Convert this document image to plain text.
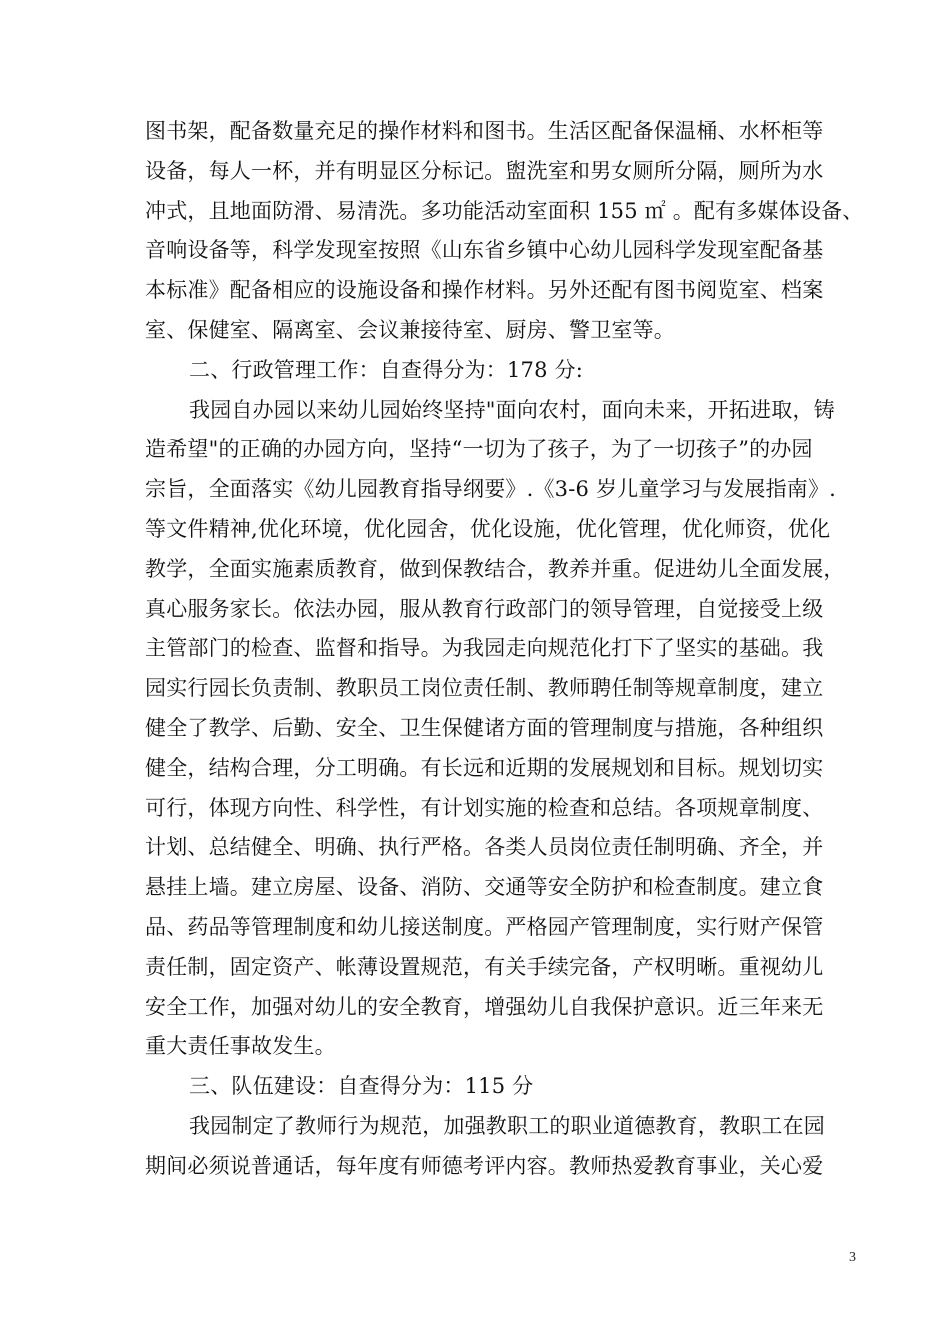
图书架，配备数量充足的操作材料和图书。生活区配备保温桶、水杯柜等
设备，每人一杯，并有明显区分标记。盥洗室和男女厕所分隔，厕所为水
冲式，且地面防滑、易清洗。多功能活动室面积 155 ㎡ 。配有多媒体设备、
音响设备等，科学发现室按照《山东省乡镇中心幼儿园科学发现室配备基
本标准》配备相应的设施设备和操作材料。另外还配有图书阅览室、档案
室、保健室、隔离室、会议兼接待室、厨房、警卫室等。
二、行政管理工作：自查得分为：178 分:
我园自办园以来幼儿园始终坚持"面向农村，面向未来，开拓进取，铸
造希望"的正确的办园方向，坚持“一切为了孩子，为了一切孩子”的办园
宗旨，全面落实《幼儿园教育指导纲要》.《3-6 岁儿童学习与发展指南》.
等文件精神,优化环境，优化园舍，优化设施，优化管理，优化师资，优化
教学，全面实施素质教育，做到保教结合，教养并重。促进幼儿全面发展，
真心服务家长。依法办园，服从教育行政部门的领导管理，自觉接受上级
主管部门的检查、监督和指导。为我园走向规范化打下了坚实的基础。我
园实行园长负责制、教职员工岗位责任制、教师聘任制等规章制度，建立
健全了教学、后勤、安全、卫生保健诸方面的管理制度与措施，各种组织
健全，结构合理，分工明确。有长远和近期的发展规划和目标。规划切实
可行，体现方向性、科学性，有计划实施的检查和总结。各项规章制度、
计划、总结健全、明确、执行严格。各类人员岗位责任制明确、齐全，并
悬挂上墙。建立房屋、设备、消防、交通等安全防护和检查制度。建立食
品、药品等管理制度和幼儿接送制度。严格园产管理制度，实行财产保管
责任制，固定资产、帐薄设置规范，有关手续完备，产权明晰。重视幼儿
安全工作，加强对幼儿的安全教育，增强幼儿自我保护意识。近三年来无
重大责任事故发生。
三、队伍建设：自查得分为：115 分
我园制定了教师行为规范，加强教职工的职业道德教育，教职工在园
期间必须说普通话，每年度有师德考评内容。教师热爱教育事业，关心爱
3
